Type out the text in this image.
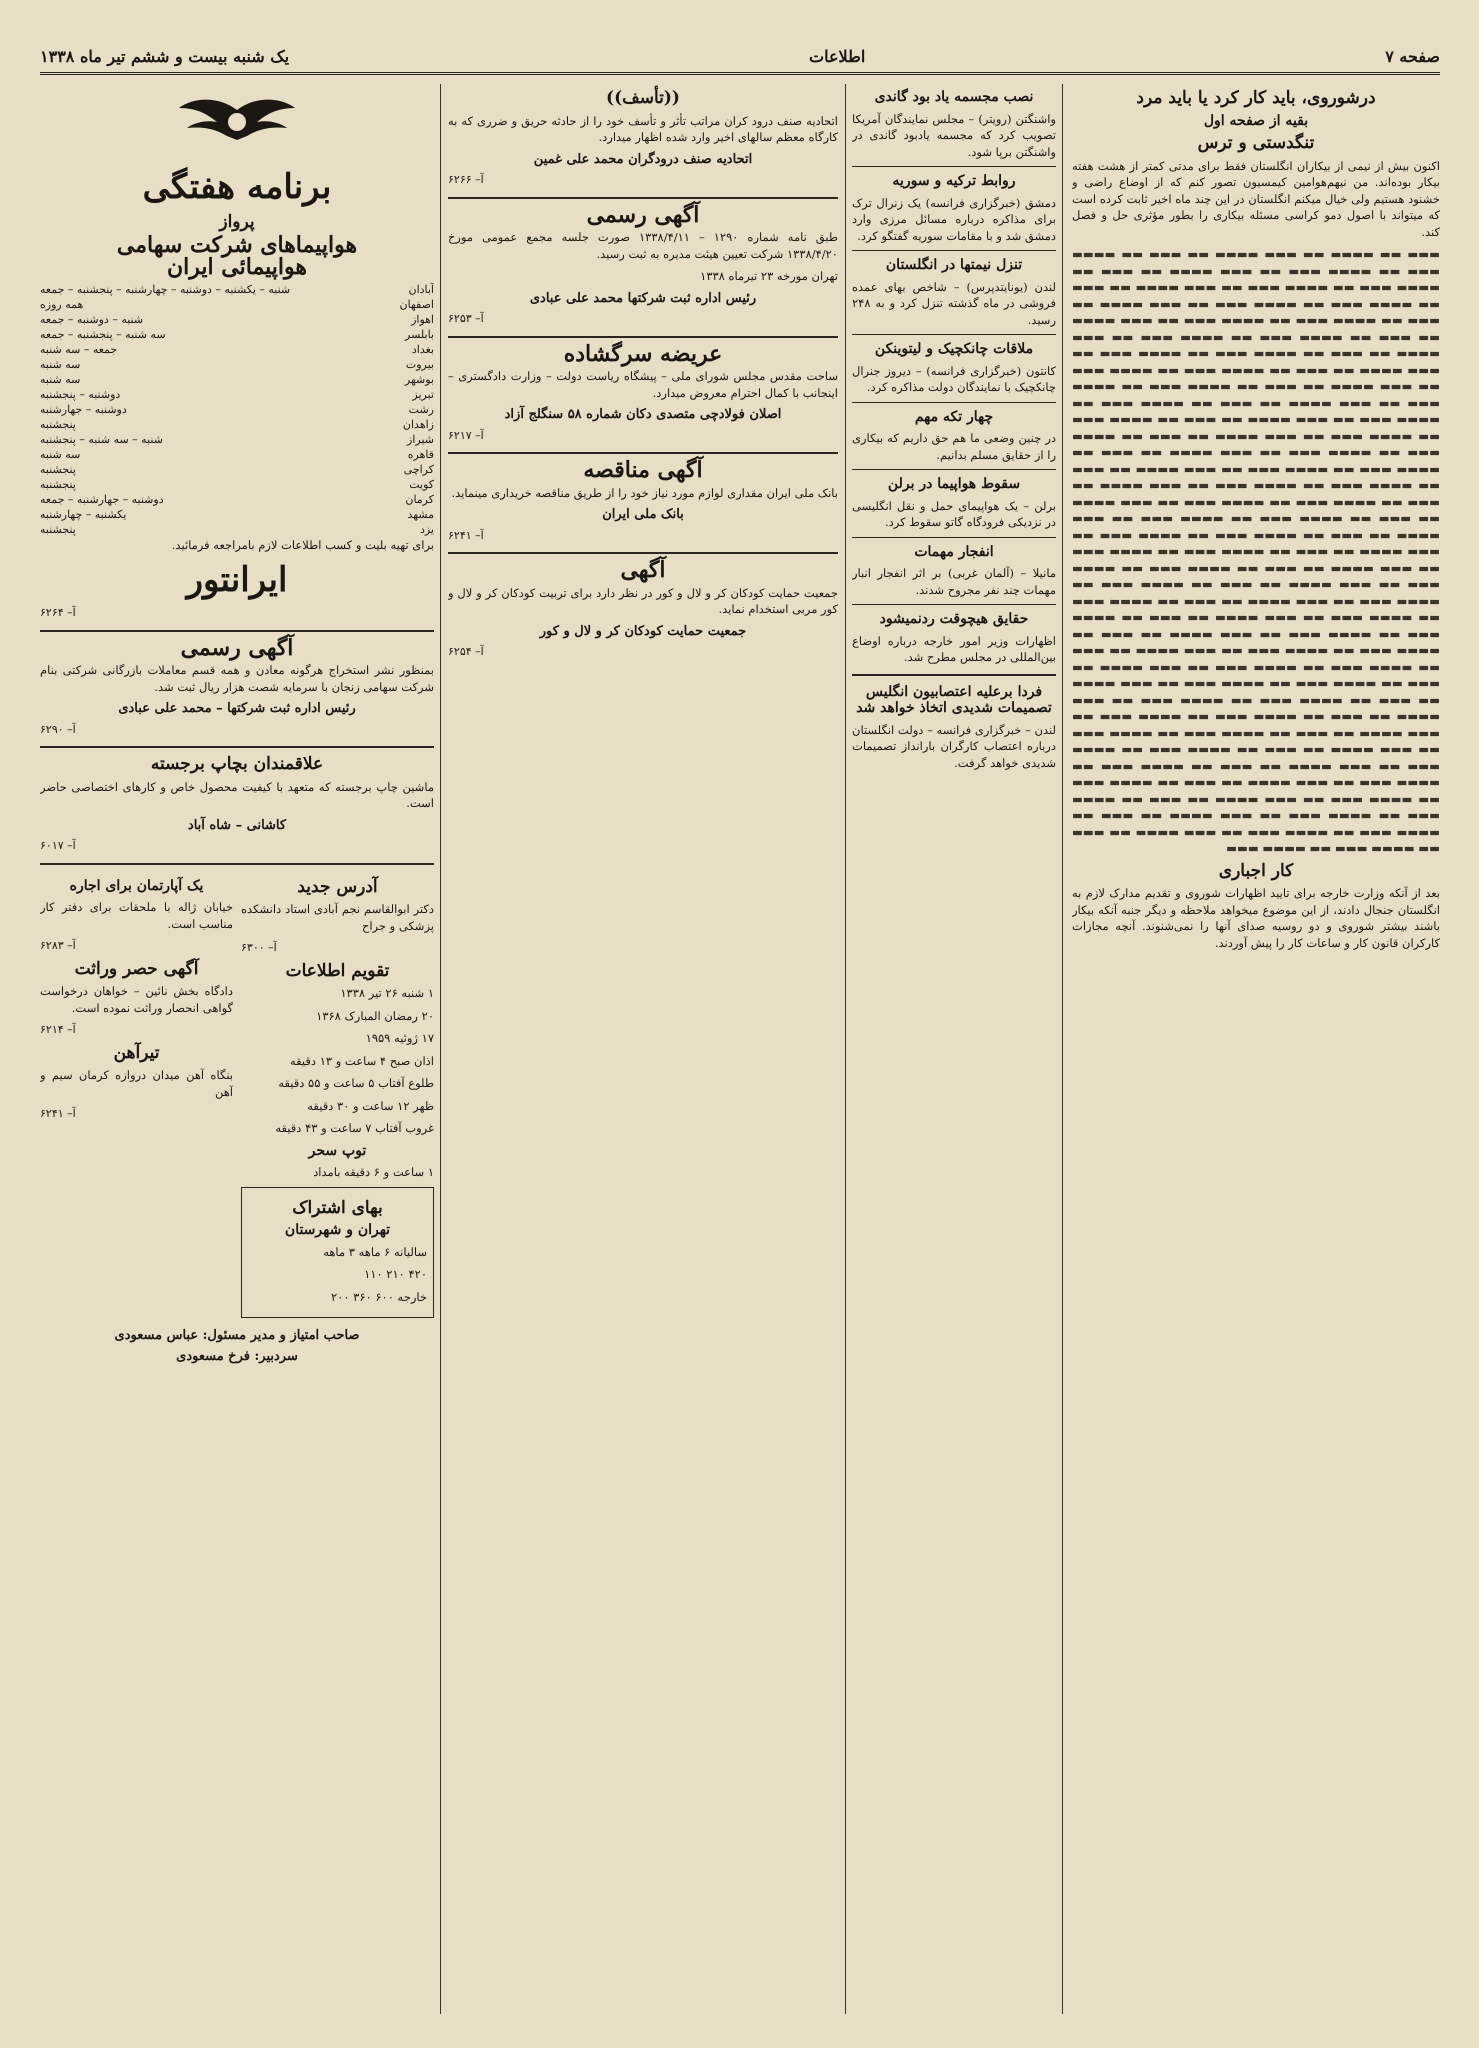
صفحه ۷
اطلاعات
یک شنبه بیست و ششم تیر ماه ۱۳۳۸
درشوروی، باید کار کرد یا باید مرد
بقیه از صفحه اول
تنگدستی و ترس

اکنون بیش از نیمی از بیکاران انگلستان فقط برای مدتی کمتر از هشت هفته بیکار بوده‌اند. من نیهم‌هوامین کیمسیون تصور کنم که از اوضاع راضی و خشنود هستیم ولی خیال میکنم انگلستان در این چند ماه اخیر ثابت کرده است که میتواند با اصول دمو کراسی مسئله بیکاری را بطور مؤثری حل و فصل کند.

▬▬▬ ▬▬ ▬▬▬▬ ▬▬ ▬▬▬ ▬▬▬▬ ▬▬ ▬▬▬ ▬▬ ▬▬▬▬ ▬▬▬ ▬▬ ▬▬▬▬ ▬▬▬ ▬▬ ▬▬▬ ▬▬▬▬ ▬▬ ▬▬▬ ▬▬ ▬▬▬▬ ▬▬▬ ▬▬ ▬▬▬▬ ▬▬▬ ▬▬ ▬▬▬ ▬▬▬▬ ▬▬ ▬▬▬ ▬▬ ▬▬▬▬ ▬▬▬ ▬▬ ▬▬▬▬ ▬▬▬ ▬▬ ▬▬▬ ▬▬▬▬ ▬▬ ▬▬▬ ▬▬ ▬▬▬▬ ▬▬▬ ▬▬ ▬▬▬▬ ▬▬▬ ▬▬ ▬▬▬ ▬▬▬▬ ▬▬ ▬▬▬ ▬▬ ▬▬▬▬ ▬▬▬ ▬▬ ▬▬▬▬ ▬▬▬ ▬▬ ▬▬▬ ▬▬▬▬ ▬▬ ▬▬▬ ▬▬ ▬▬▬▬ ▬▬▬ ▬▬ ▬▬▬▬ ▬▬▬ ▬▬ ▬▬▬ ▬▬▬▬ ▬▬ ▬▬▬ ▬▬ ▬▬▬▬ ▬▬▬ ▬▬ ▬▬▬▬ ▬▬▬ ▬▬ ▬▬▬ ▬▬▬▬ ▬▬ ▬▬▬ ▬▬ ▬▬▬▬ ▬▬▬ ▬▬ ▬▬▬▬ ▬▬▬ ▬▬ ▬▬▬ ▬▬▬▬ ▬▬ ▬▬▬ ▬▬ ▬▬▬▬ ▬▬▬ ▬▬ ▬▬▬▬ ▬▬▬ ▬▬ ▬▬▬ ▬▬▬▬ ▬▬ ▬▬▬ ▬▬ ▬▬▬▬ ▬▬▬ ▬▬ ▬▬▬▬ ▬▬▬ ▬▬ ▬▬▬ ▬▬▬▬ ▬▬ ▬▬▬ ▬▬ ▬▬▬▬ ▬▬▬ ▬▬ ▬▬▬▬ ▬▬▬ ▬▬ ▬▬▬ ▬▬▬▬ ▬▬ ▬▬▬ ▬▬ ▬▬▬▬ ▬▬▬ ▬▬ ▬▬▬▬ ▬▬▬ ▬▬ ▬▬▬ ▬▬▬▬ ▬▬ ▬▬▬ ▬▬ ▬▬▬▬ ▬▬▬ ▬▬ ▬▬▬▬ ▬▬▬ ▬▬ ▬▬▬ ▬▬▬▬ ▬▬ ▬▬▬ ▬▬ ▬▬▬▬ ▬▬▬ ▬▬ ▬▬▬▬ ▬▬▬ ▬▬ ▬▬▬ ▬▬▬▬ ▬▬ ▬▬▬ ▬▬ ▬▬▬▬ ▬▬▬ ▬▬ ▬▬▬▬ ▬▬▬ ▬▬ ▬▬▬ ▬▬▬▬ ▬▬ ▬▬▬ ▬▬ ▬▬▬▬ ▬▬▬ ▬▬ ▬▬▬▬ ▬▬▬ ▬▬ ▬▬▬ ▬▬▬▬ ▬▬ ▬▬▬ ▬▬ ▬▬▬▬ ▬▬▬ ▬▬ ▬▬▬▬ ▬▬▬ ▬▬ ▬▬▬ ▬▬▬▬ ▬▬ ▬▬▬ ▬▬ ▬▬▬▬ ▬▬▬ ▬▬ ▬▬▬▬ ▬▬▬ ▬▬ ▬▬▬ ▬▬▬▬ ▬▬ ▬▬▬ ▬▬ ▬▬▬▬ ▬▬▬ ▬▬ ▬▬▬▬ ▬▬▬ ▬▬ ▬▬▬ ▬▬▬▬ ▬▬ ▬▬▬ ▬▬ ▬▬▬▬ ▬▬▬ ▬▬ ▬▬▬▬ ▬▬▬ ▬▬ ▬▬▬ ▬▬▬▬ ▬▬ ▬▬▬ ▬▬ ▬▬▬▬ ▬▬▬ ▬▬ ▬▬▬▬ ▬▬▬ ▬▬ ▬▬▬ ▬▬▬▬ ▬▬ ▬▬▬ ▬▬ ▬▬▬▬ ▬▬▬ ▬▬ ▬▬▬▬ ▬▬▬ ▬▬ ▬▬▬ ▬▬▬▬ ▬▬ ▬▬▬ ▬▬ ▬▬▬▬ ▬▬▬ ▬▬ ▬▬▬▬ ▬▬▬ ▬▬ ▬▬▬ ▬▬▬▬ ▬▬ ▬▬▬ ▬▬ ▬▬▬▬ ▬▬▬ ▬▬ ▬▬▬▬ ▬▬▬ ▬▬ ▬▬▬ ▬▬▬▬ ▬▬ ▬▬▬ ▬▬ ▬▬▬▬ ▬▬▬ ▬▬ ▬▬▬▬ ▬▬▬ ▬▬ ▬▬▬ ▬▬▬▬ ▬▬ ▬▬▬ ▬▬ ▬▬▬▬ ▬▬▬ ▬▬ ▬▬▬▬ ▬▬▬ ▬▬ ▬▬▬ ▬▬▬▬ ▬▬ ▬▬▬ ▬▬ ▬▬▬▬ ▬▬▬ ▬▬ ▬▬▬▬ ▬▬▬ ▬▬ ▬▬▬ ▬▬▬▬ ▬▬ ▬▬▬ ▬▬ ▬▬▬▬ ▬▬▬ ▬▬ ▬▬▬▬ ▬▬▬ ▬▬ ▬▬▬ ▬▬▬▬ ▬▬ ▬▬▬ ▬▬ ▬▬▬▬ ▬▬▬ ▬▬ ▬▬▬▬ ▬▬▬ ▬▬ ▬▬▬ ▬▬▬▬ ▬▬ ▬▬▬ ▬▬ ▬▬▬▬ ▬▬▬ ▬▬ ▬▬▬▬ ▬▬▬ ▬▬ ▬▬▬ ▬▬▬▬ ▬▬ ▬▬▬ ▬▬ ▬▬▬▬ ▬▬▬ ▬▬ ▬▬▬▬ ▬▬▬ ▬▬ ▬▬▬ ▬▬▬▬ ▬▬ ▬▬▬ ▬▬ ▬▬▬▬ ▬▬▬ ▬▬ ▬▬▬▬ ▬▬▬ ▬▬ ▬▬▬ ▬▬▬▬ ▬▬ ▬▬▬ ▬▬ ▬▬▬▬ ▬▬▬ ▬▬ ▬▬▬▬ ▬▬▬

کار اجباری

بعد از آنکه وزارت خارجه برای تایید اظهارات شوروی و تقدیم مدارک لازم به انگلستان جنجال دادند، از این موضوع میخواهد ملاحظه و دیگر جنبه آنکه بیکار باشند بیشتر شوروی و دو روسیه صدای آنها را نمی‌شنوند. آنچه مجازات کارکران قانون کار و ساعات کار را پیش آوردند.

نصب مجسمه یاد بود گاندی

واشنگتن (رویتر) – مجلس نمایندگان آمریکا تصویب کرد که مجسمه یادبود گاندی در واشنگتن برپا شود.

روابط ترکیه و سوریه

دمشق (خبرگزاری فرانسه) یک زنرال ترک برای مذاکره درباره مسائل مرزی وارد دمشق شد و با مقامات سوریه گفتگو کرد.

تنزل نیمتها در انگلستان

لندن (یونایتدپرس) – شاخص بهای عمده فروشی در ماه گذشته تنزل کرد و به ۲۴۸ رسید.

ملاقات چانکچیک و لیتوینکن

کانتون (خبرگزاری فرانسه) – دیروز جنرال چانکچیک با نمایندگان دولت مذاکره کرد.

چهار تکه مهم

در چنین وضعی ما هم حق داریم که بیکاری را از حقایق مسلم بدانیم.

سقوط هواپیما در برلن

برلن – یک هواپیمای حمل و نقل انگلیسی در نزدیکی فرودگاه گاتو سقوط کرد.

انفجار مهمات

مانیلا – (آلمان غربی) بر اثر انفجار انبار مهمات چند نفر مجروح شدند.

حقایق هیچوقت ردنمیشود

اظهارات وزیر امور خارجه درباره اوضاع بین‌المللی در مجلس مطرح شد.

فردا برعلیه اعتصابیون انگلیس تصمیمات شدیدی اتخاذ خواهد شد

لندن – خبرگزاری فرانسه – دولت انگلستان درباره اعتصاب کارگران بارانداز تصمیمات شدیدی خواهد گرفت.

((تأسف))

اتحادیه صنف درود کران مراتب تأثر و تأسف خود را از حادثه حریق و ضرری که به کارگاه معظم سالهای اخیر وارد شده اظهار میدارد.

اتحادیه صنف درودگران محمد علی غمین
آ– ۶۲۶۶
آگهی رسمی

طبق نامه شماره ۱۲۹۰ – ۱۳۳۸/۴/۱۱ صورت جلسه مجمع عمومی مورخ ۱۳۳۸/۴/۲۰ شرکت تعیین هیئت مدیره به ثبت رسید.

تهران مورخه ۲۳ تیرماه ۱۳۳۸

رئیس اداره ثبت شرکتها محمد علی عبادی
آ– ۶۲۵۳
عریضه سرگشاده

ساحت مقدس مجلس شورای ملی – پیشگاه ریاست دولت – وزارت دادگستری – اینجانب با کمال احترام معروض میدارد.

اصلان فولادچی متصدی دکان شماره ۵۸ سنگلج آزاد
آ– ۶۲۱۷
آگهی مناقصه

بانک ملی ایران مقداری لوازم مورد نیاز خود را از طریق مناقصه خریداری مینماید.

بانک ملی ایران
آ– ۶۲۴۱
آگهی

جمعیت حمایت کودکان کر و لال و کور در نظر دارد برای تربیت کودکان کر و لال و کور مربی استخدام نماید.

جمعیت حمایت کودکان کر و لال و کور
آ– ۶۲۵۴
برنامه هفتگی
پرواز
هواپیماهای شرکت سهامی
هواپیمائی ایران
آبادان
شنبه – یکشنبه – دوشنبه – چهارشنبه – پنجشنبه – جمعه
اصفهان
همه روزه
اهواز
شنبه – دوشنبه – جمعه
بابلسر
سه شنبه – پنجشنبه – جمعه
بغداد
جمعه – سه شنبه
بیروت
سه شنبه
بوشهر
سه شنبه
تبریز
دوشنبه – پنجشنبه
رشت
دوشنبه – جهارشنبه
زاهدان
پنجشنبه
شیراز
شنبه – سه شنبه – پنجشنبه
قاهره
سه شنبه
کراچی
پنجشنبه
کویت
پنجشنبه
کرمان
دوشنبه – جهارشنبه – جمعه
مشهد
یکشنبه – چهارشنبه
یزد
پنجشنبه

برای تهیه بلیت و کسب اطلاعات لازم بامراجعه فرمائید.

ایرانتور
آ– ۶۲۶۴
آگهی رسمی

بمنظور نشر استخراج هرگونه معادن و همه قسم معاملات بازرگانی شرکتی بنام شرکت سهامی زنجان با سرمایه شصت هزار ریال ثبت شد.

رئیس اداره ثبت شرکتها – محمد علی عبادی
آ– ۶۲۹۰
علاقمندان بچاپ برجسته

ماشین چاپ برجسته که متعهد با کیفیت محصول خاص و کارهای اختصاصی حاضر است.

کاشانی – شاه آباد
آ– ۶۰۱۷
آدرس جدید

دکتر ابوالقاسم نجم آبادی استاد دانشکده پزشکی و جراح

آ– ۶۳۰۰
تقویم اطلاعات

۱ شنبه ۲۶ تیر ۱۳۳۸

۲۰ رمضان المبارک ۱۳۶۸

۱۷ ژوئیه ۱۹۵۹

اذان صبح ۴ ساعت و ۱۳ دقیقه

طلوع آفتاب ۵ ساعت و ۵۵ دقیقه

ظهر ۱۲ ساعت و ۳۰ دقیقه

غروب آفتاب ۷ ساعت و ۴۳ دقیقه

توپ سحر

۱ ساعت و ۶ دقیقه بامداد

بهای اشتراک
تهران و شهرستان

سالیانه ۶ ماهه ۳ ماهه

۴۲۰ ۲۱۰ ۱۱۰

خارجه ۶۰۰ ۳۶۰ ۲۰۰

یک آپارتمان برای اجاره

خیابان ژاله با ملحقات برای دفتر کار مناسب است.

آ– ۶۲۸۳
آگهی حصر وراثت

دادگاه بخش نائین – خواهان درخواست گواهی انحصار وراثت نموده است.

آ– ۶۲۱۴
تیرآهن

بنگاه آهن میدان دروازه کرمان سیم و آهن

آ– ۶۲۴۱
صاحب امتیاز و مدیر مسئول: عباس مسعودی
سردبیر: فرخ مسعودی
